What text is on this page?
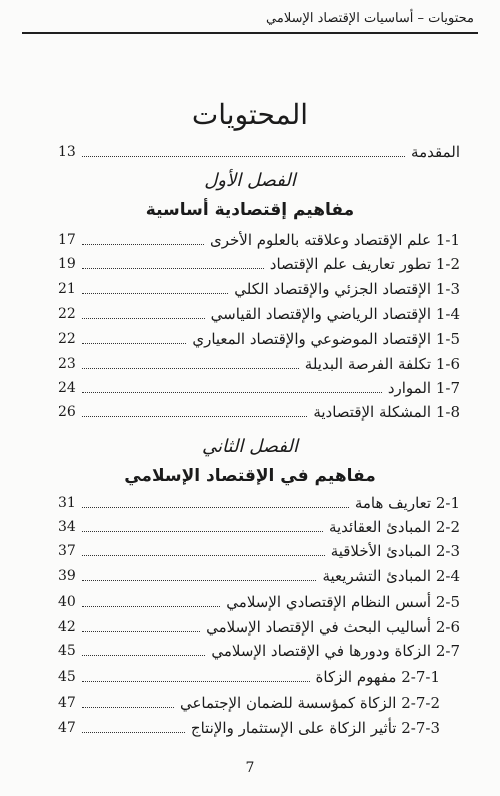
محتويات – أساسيات الإقتصاد الإسلامي
المحتويات
13	المقدمة
الفصل الأول
مفاهيم إقتصادية أساسية
17	1-1 علم الإقتصاد وعلاقته بالعلوم الأخرى
19	1-2 تطور تعاريف علم الإقتصاد
21	1-3 الإقتصاد الجزئي والإقتصاد الكلي
22	1-4 الإقتصاد الرياضي والإقتصاد القياسي
22	1-5 الإقتصاد الموضوعي والإقتصاد المعياري
23	1-6 تكلفة الفرصة البديلة
24	1-7 الموارد
26	1-8 المشكلة الإقتصادية
الفصل الثاني
مفاهيم في الإقتصاد الإسلامي
31	2-1 تعاريف هامة
34	2-2 المبادئ العقائدية
37	2-3 المبادئ الأخلاقية
39	2-4 المبادئ التشريعية
40	2-5 أسس النظام الإقتصادي الإسلامي
42	2-6 أساليب البحث في الإقتصاد الإسلامي
45	2-7 الزكاة ودورها في الإقتصاد الإسلامي
45	2-7-1 مفهوم الزكاة
47	2-7-2 الزكاة كمؤسسة للضمان الإجتماعي
47	2-7-3 تأثير الزكاة على الإستثمار والإنتاج
7
